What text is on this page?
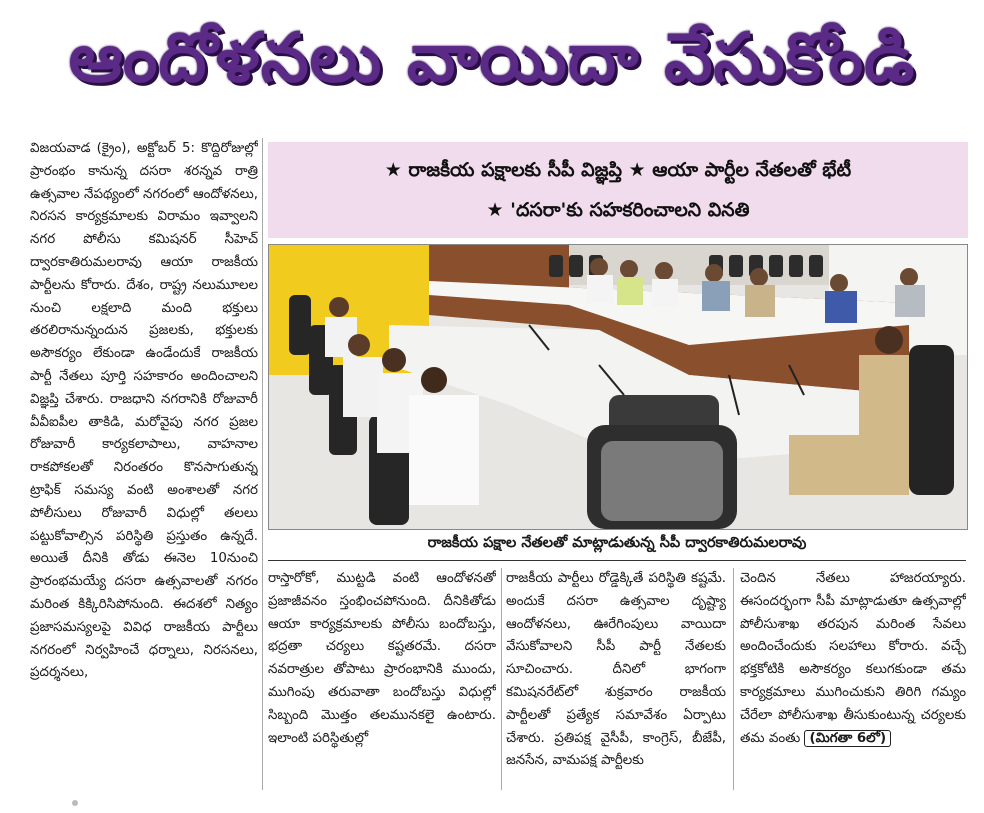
ఆందోళనలు వాయిదా వేసుకోండి
విజయవాడ (క్రైం), అక్టోబర్ 5: కొద్దిరోజుల్లో ప్రారంభం కానున్న దసరా శరన్నవ రాత్రి ఉత్సవాల నేపథ్యంలో నగరంలో ఆందోళనలు, నిరసన కార్యక్రమాలకు విరామం ఇవ్వాలని నగర పోలీసు కమిషనర్ సీహెచ్ ద్వారకాతిరుమలరావు ఆయా రాజకీయ పార్టీలను కోరారు. దేశం, రాష్ట్ర నలుమూలల నుంచి లక్షలాది మంది భక్తులు తరలిరానున్నందున ప్రజలకు, భక్తులకు అసౌకర్యం లేకుండా ఉండేందుకే రాజకీయ పార్టీ నేతలు పూర్తి సహకారం అందించాలని విజ్ఞప్తి చేశారు. రాజధాని నగరానికి రోజువారీ వీవీఐపీల తాకిడి, మరోవైపు నగర ప్రజల రోజువారీ కార్యకలాపాలు, వాహనాల రాకపోకలతో నిరంతరం కొనసాగుతున్న ట్రాఫిక్ సమస్య వంటి అంశాలతో నగర పోలీసులు రోజువారీ విధుల్లో తలలు పట్టుకోవాల్సిన పరిస్థితి ప్రస్తుతం ఉన్నదే. అయితే దీనికి తోడు ఈనెల 10నుంచి ప్రారంభమయ్యే దసరా ఉత్సవాలతో నగరం మరింత కిక్కిరిసిపోనుంది. ఈదశలో నిత్యం ప్రజాసమస్యలపై వివిధ రాజకీయ పార్టీలు నగరంలో నిర్వహించే ధర్నాలు, నిరసనలు, ప్రదర్శనలు,
★ రాజకీయ పక్షాలకు సీపీ విజ్ఞప్తి ★ ఆయా పార్టీల నేతలతో భేటీ
★ 'దసరా'కు సహకరించాలని వినతి
రాజకీయ పక్షాల నేతలతో మాట్లాడుతున్న సీపీ ద్వారకాతిరుమలరావు
రాస్తారోకో, ముట్టడి వంటి ఆందోళనతో ప్రజాజీవనం స్తంభించపోనుంది. దీనికితోడు ఆయా కార్యక్రమాలకు పోలీసు బందోబస్తు, భద్రతా చర్యలు కష్టతరమే. దసరా నవరాత్రుల తోపాటు ప్రారంభానికి ముందు, ముగింపు తరువాతా బందోబస్తు విధుల్లో సిబ్బంది మొత్తం తలమునకలై ఉంటారు. ఇలాంటి పరిస్థితుల్లో
రాజకీయ పార్టీలు రోడ్డెక్కితే పరిస్థితి కష్టమే. అందుకే దసరా ఉత్సవాల దృష్ట్యా ఆందోళనలు, ఊరేగింపులు వాయిదా వేసుకోవాలని సీపీ పార్టీ నేతలకు సూచించారు. దీనిలో భాగంగా కమిషనరేట్‌లో శుక్రవారం రాజకీయ పార్టీలతో ప్రత్యేక సమావేశం ఏర్పాటు చేశారు. ప్రతిపక్ష వైసీపీ, కాంగ్రెస్, బీజేపీ, జనసేన, వామపక్ష పార్టీలకు
చెందిన నేతలు హాజరయ్యారు. ఈసందర్భంగా సీపీ మాట్లాడుతూ ఉత్సవాల్లో పోలీసుశాఖ తరపున మరింత సేవలు అందించేందుకు సలహాలు కోరారు. వచ్చే భక్తకోటికి అసౌకర్యం కలుగకుండా తమ కార్యక్రమాలు ముగించుకుని తిరిగి గమ్యం చేరేలా పోలీసుశాఖ తీసుకుంటున్న చర్యలకు తమ వంతు (మిగతా 6లో)
